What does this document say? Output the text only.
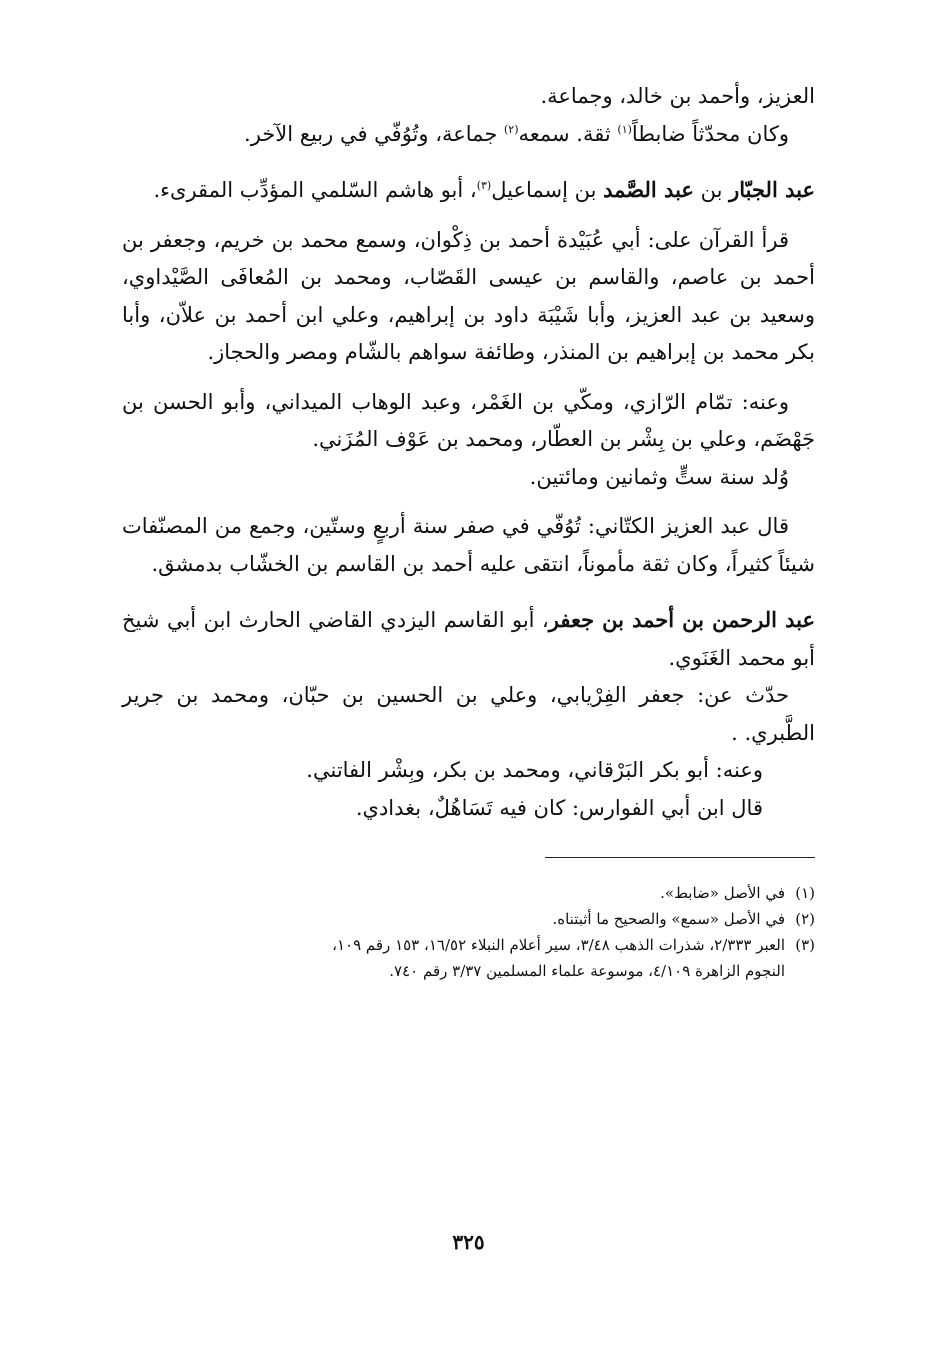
العزيز، وأحمد بن خالد، وجماعة.

وكان محدّثاً ضابطاً$^{(١)}$ ثقة. سمعه$^{(٢)}$ جماعة، وتُوُفّي في ربيع الآخر.

عبد الجبّار بن عبد الصَّمد بن إسماعيل$^{(٣)}$، أبو هاشم السّلمي المؤدِّب المقرىء.

قرأ القرآن على: أبي عُبَيْدة أحمد بن ذِكْوان، وسمع محمد بن خريم، وجعفر بن أحمد بن عاصم، والقاسم بن عيسى القَصّاب، ومحمد بن المُعافَى الصَّيْداوي، وسعيد بن عبد العزيز، وأبا شَيْبَة داود بن إبراهيم، وعلي ابن أحمد بن علاّن، وأبا بكر محمد بن إبراهيم بن المنذر، وطائفة سواهم بالشّام ومصر والحجاز.

وعنه: تمّام الرّازي، ومكّي بن الغَمْر، وعبد الوهاب الميداني، وأبو الحسن بن جَهْضَم، وعلي بن بِشْر بن العطّار، ومحمد بن عَوْف المُزَني.

وُلد سنة ستٍّ وثمانين ومائتين.

قال عبد العزيز الكتّاني: تُوُفّي في صفر سنة أربعٍ وستّين، وجمع من المصنّفات شيئاً كثيراً، وكان ثقة مأموناً، انتقى عليه أحمد بن القاسم بن الخشّاب بدمشق.

عبد الرحمن بن أحمد بن جعفر، أبو القاسم اليزدي القاضي الحارث ابن أبي شيخ أبو محمد الغَنَوي.

حدّث عن: جعفر الفِرْيابي، وعلي بن الحسين بن حبّان، ومحمد بن جرير الطَّبري. .

وعنه: أبو بكر البَرْقاني، ومحمد بن بكر، وبِشْر الفاتني.

قال ابن أبي الفوارس: كان فيه تَسَاهُلٌ، بغدادي.

(١)في الأصل «ضابط».

(٢)في الأصل «سمع» والصحيح ما أثبتناه.

(٣)العبر ٢/٣٣٣، شذرات الذهب ٣/٤٨، سير أعلام النبلاء ١٦/٥٢، ١٥٣ رقم ١٠٩،

النجوم الزاهرة ٤/١٠٩، موسوعة علماء المسلمين ٣/٣٧ رقم ٧٤٠.

٣٢٥
